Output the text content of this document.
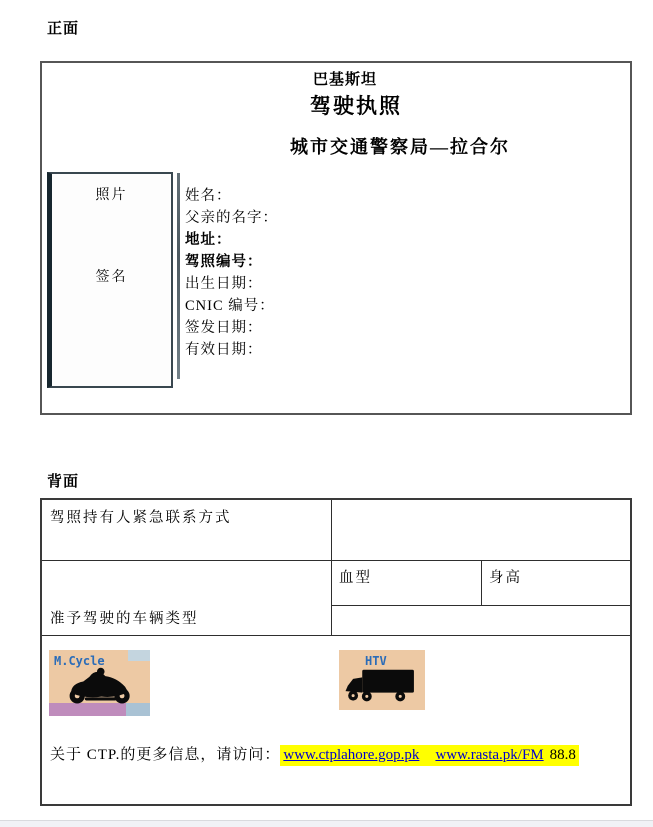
正面
巴基斯坦
驾驶执照
城市交通警察局—拉合尔
照片
签名
姓名：
父亲的名字：
地址：
驾照编号：
出生日期：
CNIC 编号：
签发日期：
有效日期：
背面
驾照持有人紧急联系方式
血型	身高
准予驾驶的车辆类型
M.Cycle	HTV
关于 CTP.的更多信息，请访问： www.ctplahore.gop.pk www.rasta.pk/FM 88.8
